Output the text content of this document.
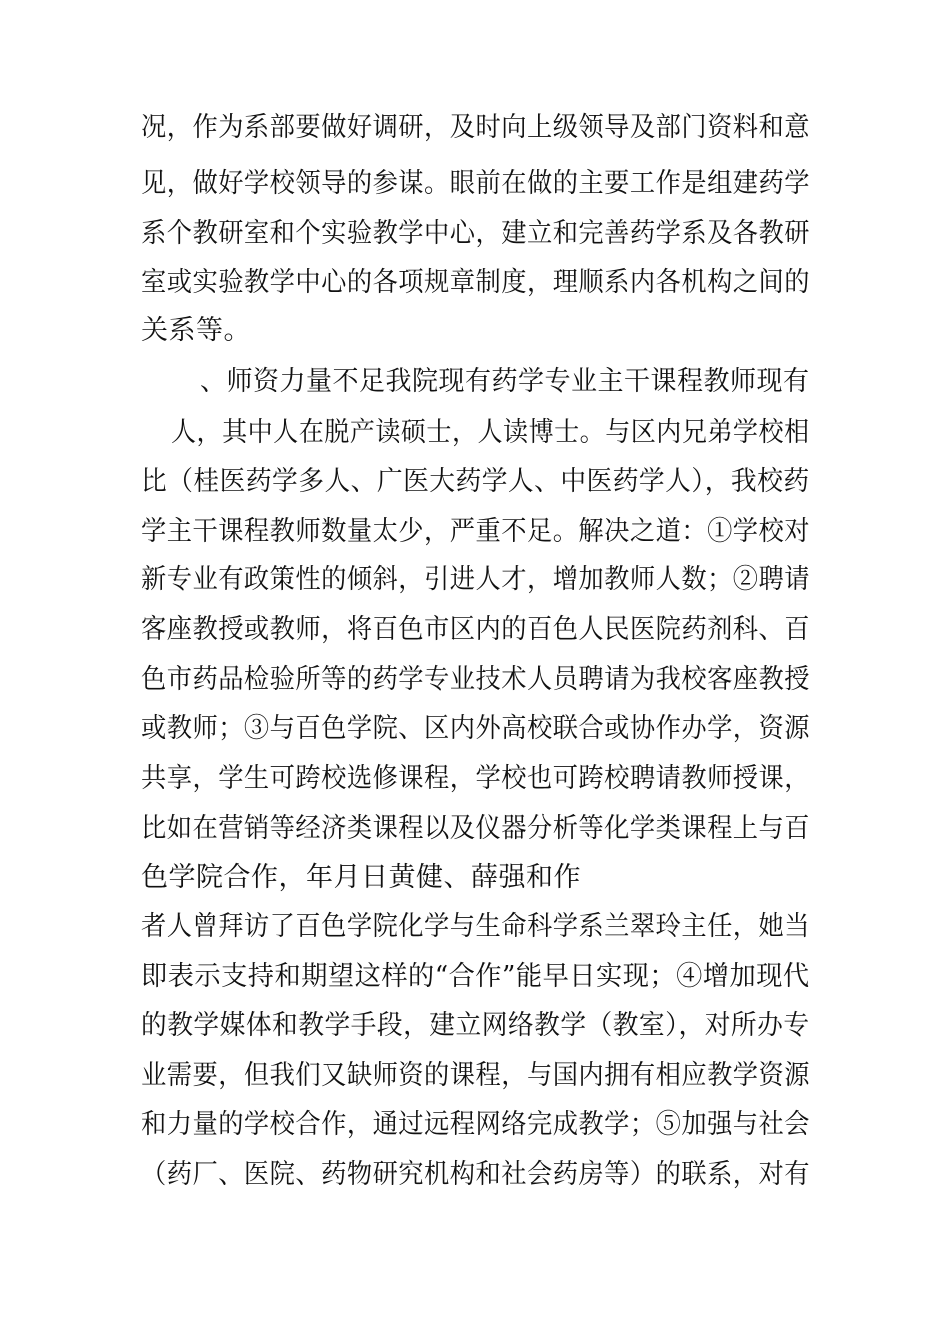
况，作为系部要做好调研，及时向上级领导及部门资料和意
见，做好学校领导的参谋。眼前在做的主要工作是组建药学
系个教研室和个实验教学中心，建立和完善药学系及各教研
室或实验教学中心的各项规章制度，理顺系内各机构之间的
关系等。
、师资力量不足我院现有药学专业主干课程教师现有
人，其中人在脱产读硕士，人读博士。与区内兄弟学校相
比（桂医药学多人、广医大药学人、中医药学人），我校药
学主干课程教师数量太少，严重不足。解决之道：①学校对
新专业有政策性的倾斜，引进人才，增加教师人数；②聘请
客座教授或教师，将百色市区内的百色人民医院药剂科、百
色市药品检验所等的药学专业技术人员聘请为我校客座教授
或教师；③与百色学院、区内外高校联合或协作办学，资源
共享，学生可跨校选修课程，学校也可跨校聘请教师授课，
比如在营销等经济类课程以及仪器分析等化学类课程上与百
色学院合作，年月日黄健、薛强和作
者人曾拜访了百色学院化学与生命科学系兰翠玲主任，她当
即表示支持和期望这样的“合作”能早日实现；④增加现代
的教学媒体和教学手段，建立网络教学（教室），对所办专
业需要，但我们又缺师资的课程，与国内拥有相应教学资源
和力量的学校合作，通过远程网络完成教学；⑤加强与社会
（药厂、医院、药物研究机构和社会药房等）的联系，对有
